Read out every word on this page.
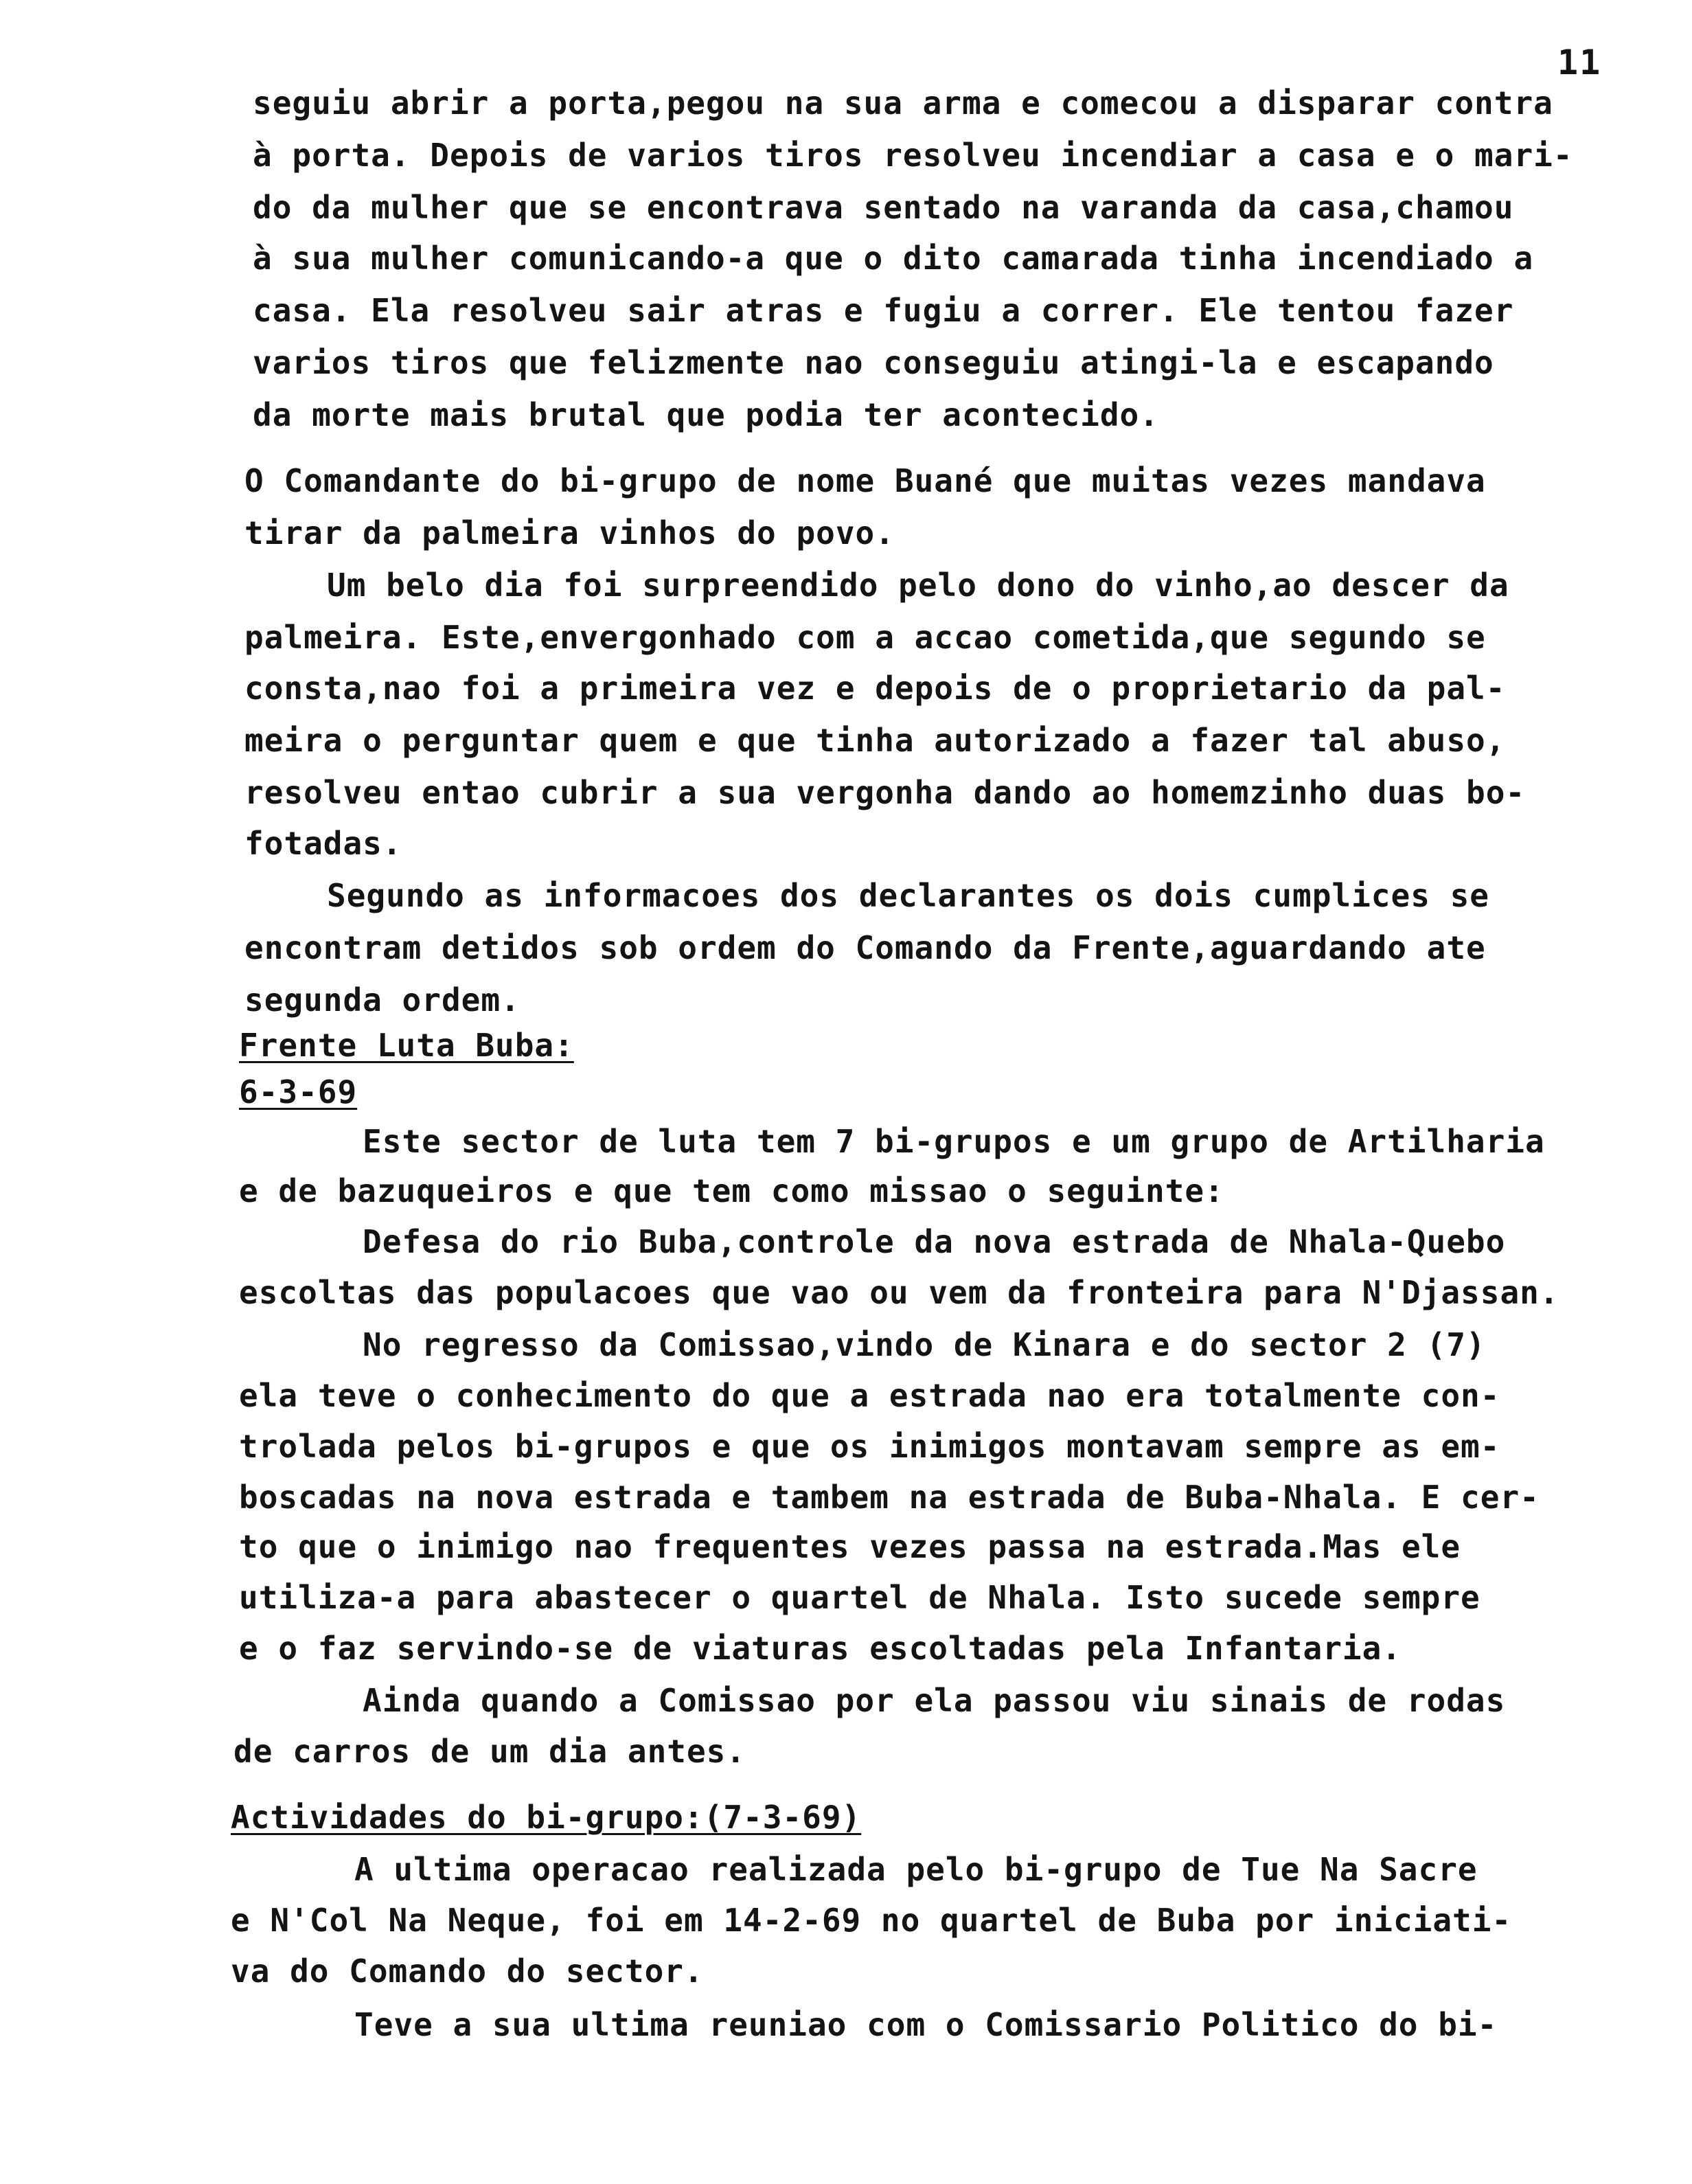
11
seguiu abrir a porta,pegou na sua arma e comecou a disparar contra
à porta. Depois de varios tiros resolveu incendiar a casa e o mari-
do da mulher que se encontrava sentado na varanda da casa,chamou
à sua mulher comunicando-a que o dito camarada tinha incendiado a
casa. Ela resolveu sair atras e fugiu a correr. Ele tentou fazer
varios tiros que felizmente nao conseguiu atingi-la e escapando
da morte mais brutal que podia ter acontecido.
O Comandante do bi-grupo de nome Buané que muitas vezes mandava
tirar da palmeira vinhos do povo.
Um belo dia foi surpreendido pelo dono do vinho,ao descer da
palmeira. Este,envergonhado com a accao cometida,que segundo se
consta,nao foi a primeira vez e depois de o proprietario da pal-
meira o perguntar quem e que tinha autorizado a fazer tal abuso,
resolveu entao cubrir a sua vergonha dando ao homemzinho duas bo-
fotadas.
Segundo as informacoes dos declarantes os dois cumplices se
encontram detidos sob ordem do Comando da Frente,aguardando ate
segunda ordem.
Frente Luta Buba:
6-3-69
Este sector de luta tem 7 bi-grupos e um grupo de Artilharia
e de bazuqueiros e que tem como missao o seguinte:
Defesa do rio Buba,controle da nova estrada de Nhala-Quebo
escoltas das populacoes que vao ou vem da fronteira para N'Djassan.
No regresso da Comissao,vindo de Kinara e do sector 2 (7)
ela teve o conhecimento do que a estrada nao era totalmente con-
trolada pelos bi-grupos e que os inimigos montavam sempre as em-
boscadas na nova estrada e tambem na estrada de Buba-Nhala. E cer-
to que o inimigo nao frequentes vezes passa na estrada.Mas ele
utiliza-a para abastecer o quartel de Nhala. Isto sucede sempre
e o faz servindo-se de viaturas escoltadas pela Infantaria.
Ainda quando a Comissao por ela passou viu sinais de rodas
de carros de um dia antes.
Actividades do bi-grupo:(7-3-69)
A ultima operacao realizada pelo bi-grupo de Tue Na Sacre
e N'Col Na Neque, foi em 14-2-69 no quartel de Buba por iniciati-
va do Comando do sector.
Teve a sua ultima reuniao com o Comissario Politico do bi-
